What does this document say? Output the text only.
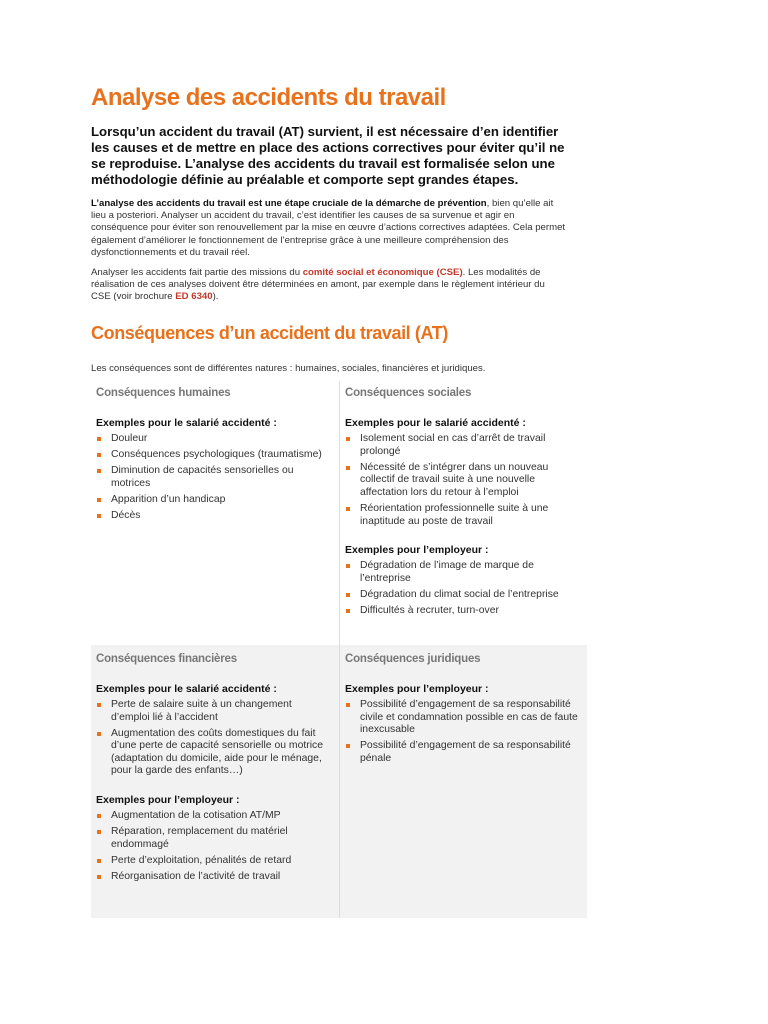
Analyse des accidents du travail

Lorsqu’un accident du travail (AT) survient, il est nécessaire d’en identifier les causes et de mettre en place des actions correctives pour éviter qu’il ne se reproduise. L’analyse des accidents du travail est formalisée selon une méthodologie définie au préalable et comporte sept grandes étapes.

L’analyse des accidents du travail est une étape cruciale de la démarche de prévention, bien qu’elle ait lieu a posteriori. Analyser un accident du travail, c’est identifier les causes de sa survenue et agir en conséquence pour éviter son renouvellement par la mise en œuvre d’actions correctives adaptées. Cela permet également d’améliorer le fonctionnement de l’entreprise grâce à une meilleure compréhension des dysfonctionnements et du travail réel.

Analyser les accidents fait partie des missions du comité social et économique (CSE). Les modalités de réalisation de ces analyses doivent être déterminées en amont, par exemple dans le règlement intérieur du CSE (voir brochure ED 6340).

Conséquences d’un accident du travail (AT)

Les conséquences sont de différentes natures : humaines, sociales, financières et juridiques.

Conséquences humaines
Exemples pour le salarié accidenté :
Douleur
Conséquences psychologiques (traumatisme)
Diminution de capacités sensorielles ou motrices
Apparition d’un handicap
Décès
Conséquences sociales
Exemples pour le salarié accidenté :
Isolement social en cas d’arrêt de travail prolongé
Nécessité de s’intégrer dans un nouveau collectif de travail suite à une nouvelle affectation lors du retour à l’emploi
Réorientation professionnelle suite à une inaptitude au poste de travail
Exemples pour l’employeur :
Dégradation de l’image de marque de l’entreprise
Dégradation du climat social de l’entreprise
Difficultés à recruter, turn-over
Conséquences financières
Exemples pour le salarié accidenté :
Perte de salaire suite à un changement d’emploi lié à l’accident
Augmentation des coûts domestiques du fait d’une perte de capacité sensorielle ou motrice (adaptation du domicile, aide pour le ménage, pour la garde des enfants…)
Exemples pour l’employeur :
Augmentation de la cotisation AT/MP
Réparation, remplacement du matériel endommagé
Perte d’exploitation, pénalités de retard
Réorganisation de l’activité de travail
Conséquences juridiques
Exemples pour l’employeur :
Possibilité d’engagement de sa responsabilité civile et condamnation possible en cas de faute inexcusable
Possibilité d’engagement de sa responsabilité pénale
